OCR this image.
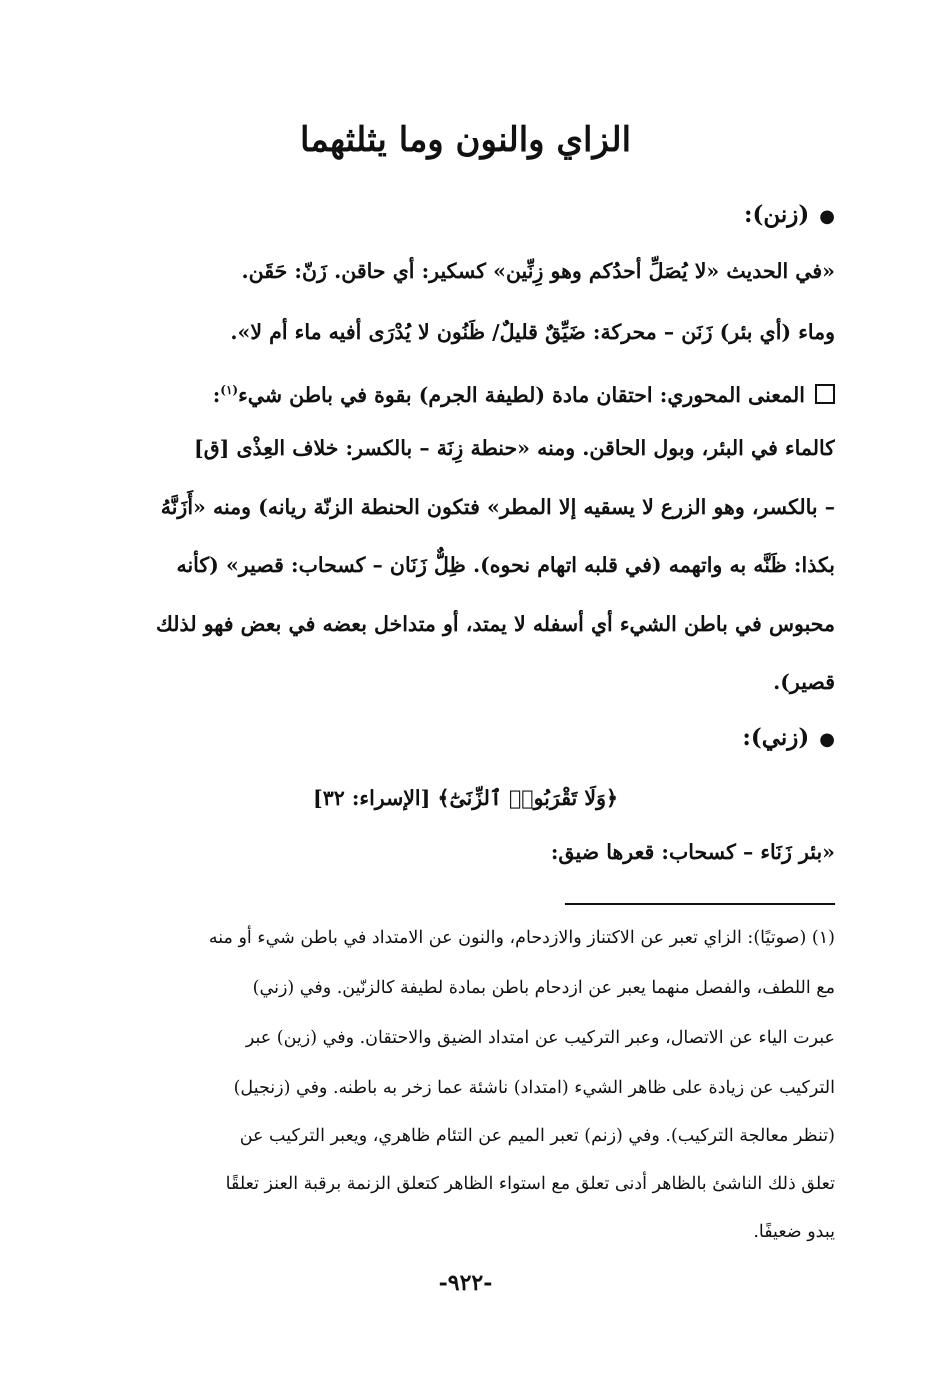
الزاي والنون وما يثلثهما
●(زنن):
«في الحديث «لا يُصَلِّ أحدُكم وهو زِنِّين» كسكير: أي حاقن. زَنّ: حَقَن.
وماء (أي بئر) زَنَن – محركة: ضَيِّقٌ قليلٌ/ ظَنُون لا يُدْرَى أفيه ماء أم لا».
المعنى المحوري: احتقان مادة (لطيفة الجرم) بقوة في باطن شيء$^{(١)}$:
كالماء في البئر، وبول الحاقن. ومنه «حنطة زِنَة – بالكسر: خلاف العِذْى [ق]
– بالكسر، وهو الزرع لا يسقيه إلا المطر» فتكون الحنطة الزنّة ريانه) ومنه «أَزَنَّهُ
بكذا: ظَنَّه به واتهمه (في قلبه اتهام نحوه). ظِلٌّ زَنَان – كسحاب: قصير» (كأنه
محبوس في باطن الشيء أي أسفله لا يمتد، أو متداخل بعضه في بعض فهو لذلك
قصير).
●(زني):
﴿وَلَا تَقْرَبُوا۟ ٱلزِّنَىٰٓ﴾ [الإسراء: ٣٢]
«بئر زَنَاء – كسحاب: قعرها ضيق:
(١) (صوتيًا): الزاي تعبر عن الاكتناز والازدحام، والنون عن الامتداد في باطن شيء أو منه
مع اللطف، والفصل منهما يعبر عن ازدحام باطن بمادة لطيفة كالزنّين. وفي (زني)
عبرت الياء عن الاتصال، وعبر التركيب عن امتداد الضيق والاحتقان. وفي (زين) عبر
التركيب عن زيادة على ظاهر الشيء (امتداد) ناشئة عما زخر به باطنه. وفي (زنجيل)
(تنظر معالجة التركيب). وفي (زنم) تعبر الميم عن التئام ظاهري، ويعبر التركيب عن
تعلق ذلك الناشئ بالظاهر أدنى تعلق مع استواء الظاهر كتعلق الزنمة برقبة العنز تعلقًا
يبدو ضعيفًا.
-٩٢٢-
